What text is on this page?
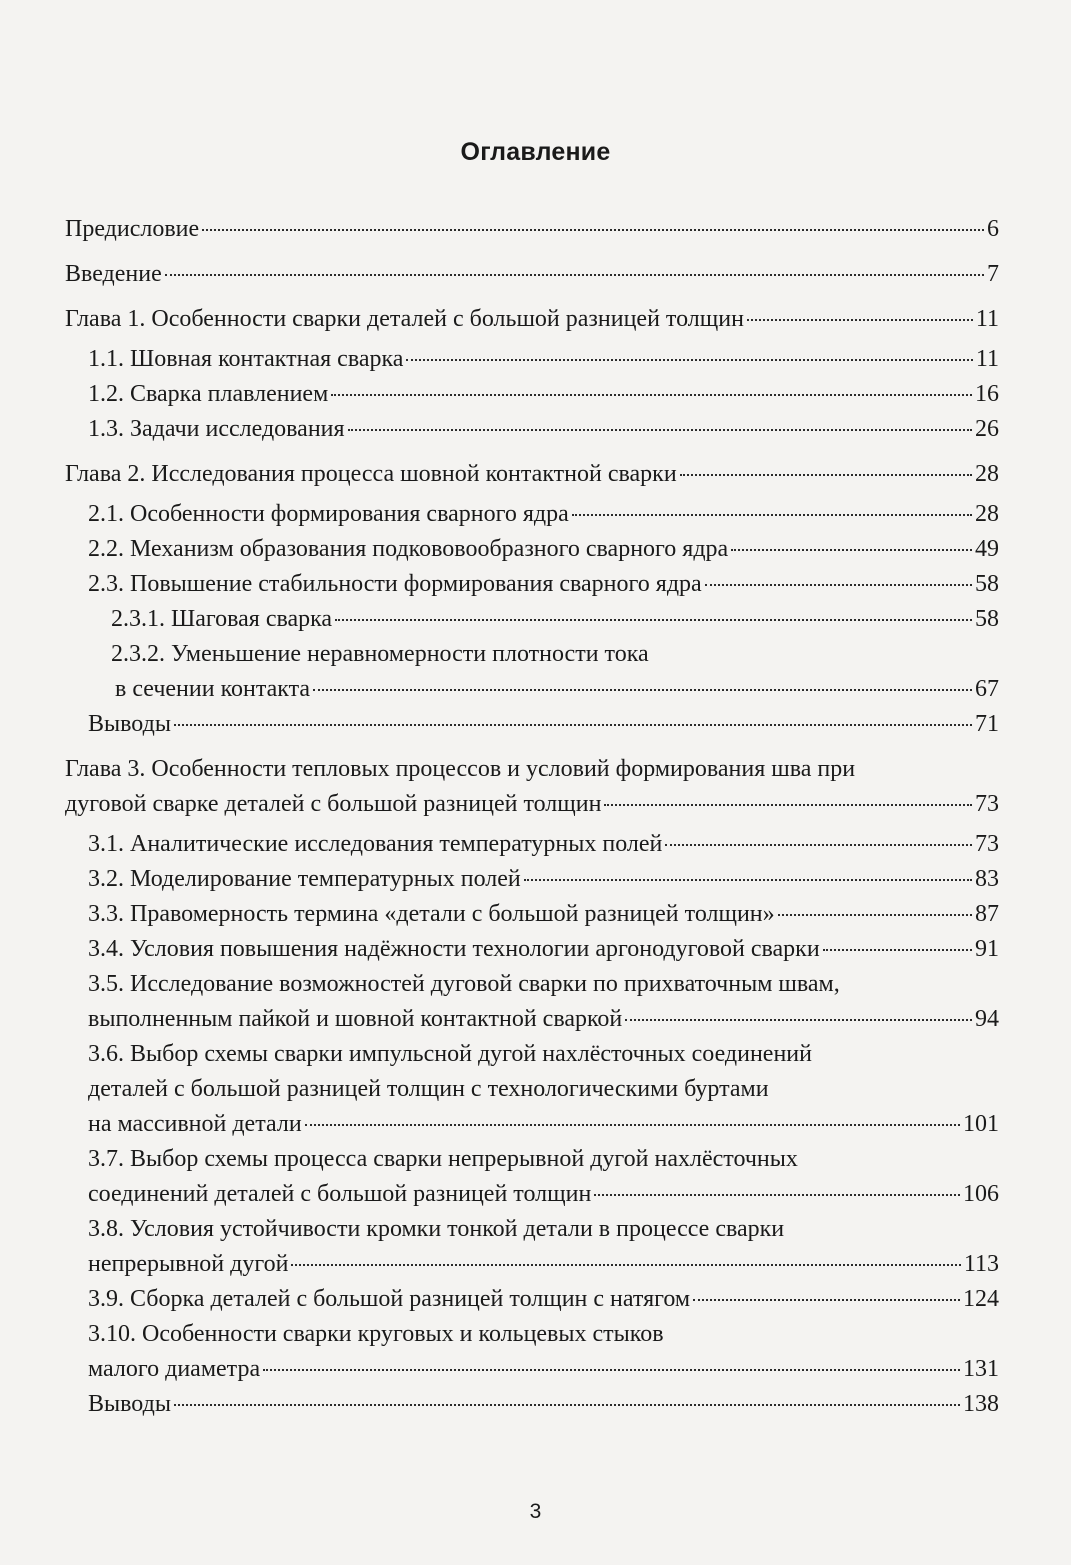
Оглавление
Предисловие	6
Введение	7
Глава 1. Особенности сварки деталей с большой разницей толщин	11
1.1. Шовная контактная сварка	11
1.2. Сварка плавлением	16
1.3. Задачи исследования	26
Глава 2. Исследования процесса шовной контактной сварки	28
2.1. Особенности формирования сварного ядра	28
2.2. Механизм образования подкововообразного сварного ядра	49
2.3. Повышение стабильности формирования сварного ядра	58
2.3.1. Шаговая сварка	58
2.3.2. Уменьшение неравномерности плотности тока
в сечении контакта	67
Выводы	71
Глава 3. Особенности тепловых процессов и условий формирования шва при
дуговой сварке деталей с большой разницей толщин	73
3.1. Аналитические исследования температурных полей	73
3.2. Моделирование температурных полей	83
3.3. Правомерность термина «детали с большой разницей толщин»	87
3.4. Условия повышения надёжности технологии аргонодуговой сварки	91
3.5. Исследование возможностей дуговой сварки по прихваточным швам,
выполненным пайкой и шовной контактной сваркой	94
3.6. Выбор схемы сварки импульсной дугой нахлёсточных соединений
деталей с большой разницей толщин с технологическими буртами
на массивной детали	101
3.7. Выбор схемы процесса сварки непрерывной дугой нахлёсточных
соединений деталей с большой разницей толщин	106
3.8. Условия устойчивости кромки тонкой детали в процессе сварки
непрерывной дугой	113
3.9. Сборка деталей с большой разницей толщин с натягом	124
3.10. Особенности сварки круговых и кольцевых стыков
малого диаметра	131
Выводы	138
3
